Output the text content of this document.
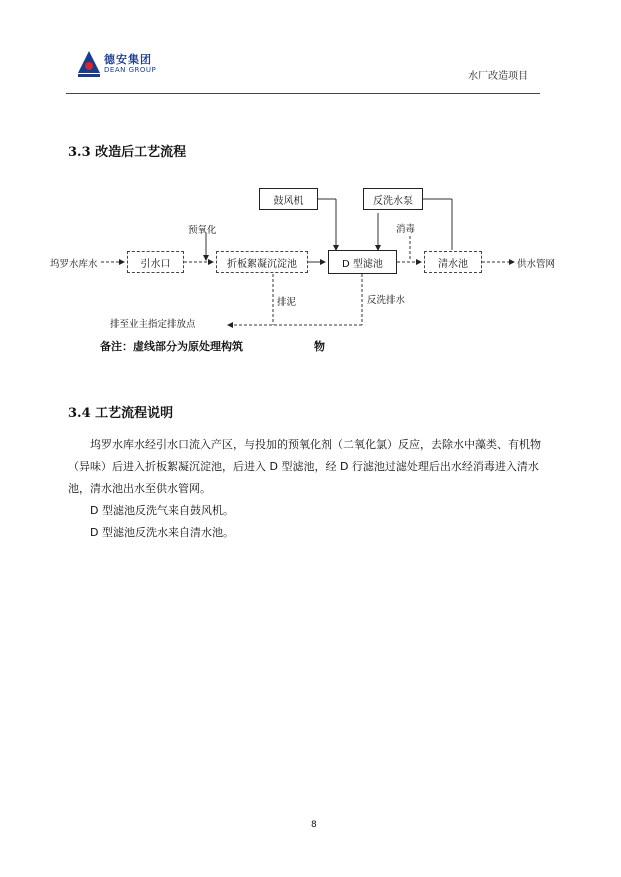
德安集团
DEAN GROUP
水厂改造项目
3.3 改造后工艺流程
坞罗水库水	引水口
预氧化
折板絮凝沉淀池
鼓风机	反洗水泵
D 型滤池
消毒
清水池	供水管网
排泥	反洗排水
排至业主指定排放点
备注：虚线部分为原处理构筑	物
3.4 工艺流程说明

坞罗水库水经引水口流入产区，与投加的预氧化剂（二氧化氯）反应，去除水中藻类、有机物（异味）后进入折板絮凝沉淀池，后进入 D 型滤池，经 D 行滤池过滤处理后出水经消毒进入清水池，清水池出水至供水管网。

D 型滤池反洗气来自鼓风机。

D 型滤池反洗水来自清水池。

8
